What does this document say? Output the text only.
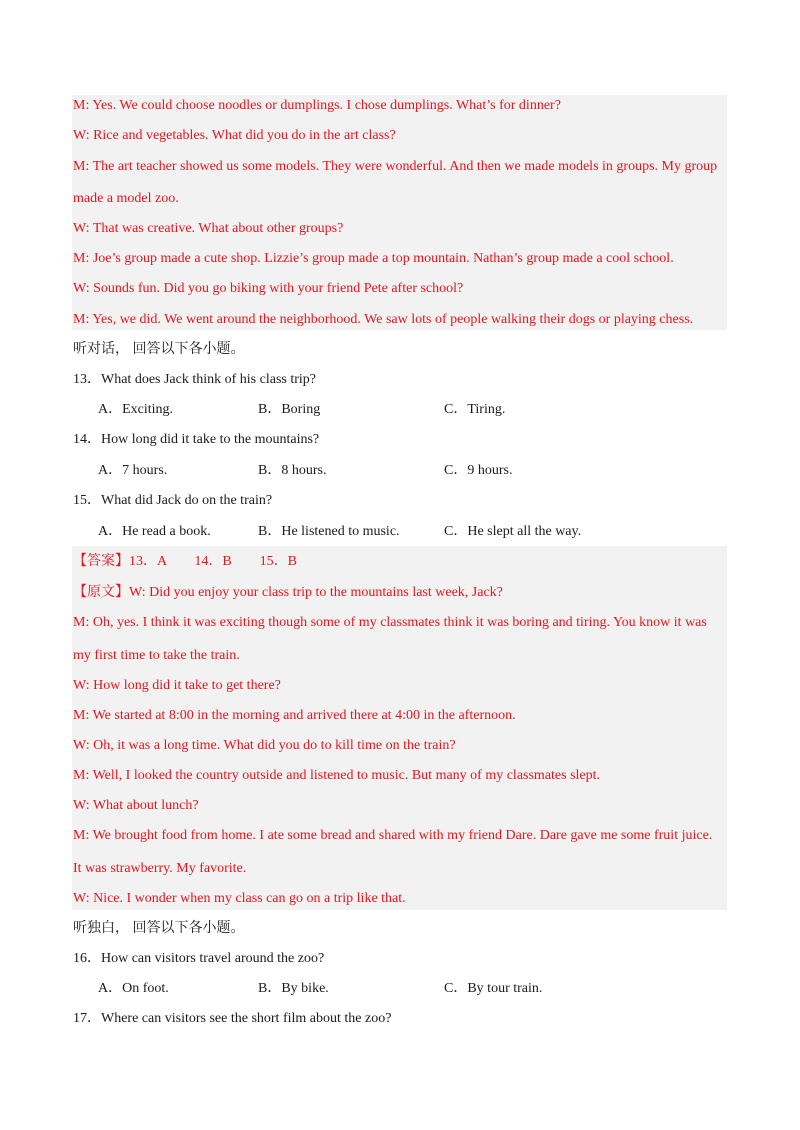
M: Yes. We could choose noodles or dumplings. I chose dumplings. What’s for dinner?
W: Rice and vegetables. What did you do in the art class?
M: The art teacher showed us some models. They were wonderful. And then we made models in groups. My group
made a model zoo.
W: That was creative. What about other groups?
M: Joe’s group made a cute shop. Lizzie’s group made a top mountain. Nathan’s group made a cool school.
W: Sounds fun. Did you go biking with your friend Pete after school?
M: Yes, we did. We went around the neighborhood. We saw lots of people walking their dogs or playing chess.
听对话， 回答以下各小题。
13．What does Jack think of his class trip?
A．Exciting.	B．Boring	C．Tiring.
14．How long did it take to the mountains?
A．7 hours.	B．8 hours.	C．9 hours.
15．What did Jack do on the train?
A．He read a book.	B．He listened to music.	C．He slept all the way.
【答案】13．A　　14．B　　15．B
【原文】W: Did you enjoy your class trip to the mountains last week, Jack?
M: Oh, yes. I think it was exciting though some of my classmates think it was boring and tiring. You know it was
my first time to take the train.
W: How long did it take to get there?
M: We started at 8:00 in the morning and arrived there at 4:00 in the afternoon.
W: Oh, it was a long time. What did you do to kill time on the train?
M: Well, I looked the country outside and listened to music. But many of my classmates slept.
W: What about lunch?
M: We brought food from home. I ate some bread and shared with my friend Dare. Dare gave me some fruit juice.
It was strawberry. My favorite.
W: Nice. I wonder when my class can go on a trip like that.
听独白， 回答以下各小题。
16．How can visitors travel around the zoo?
A．On foot.	B．By bike.	C．By tour train.
17．Where can visitors see the short film about the zoo?
